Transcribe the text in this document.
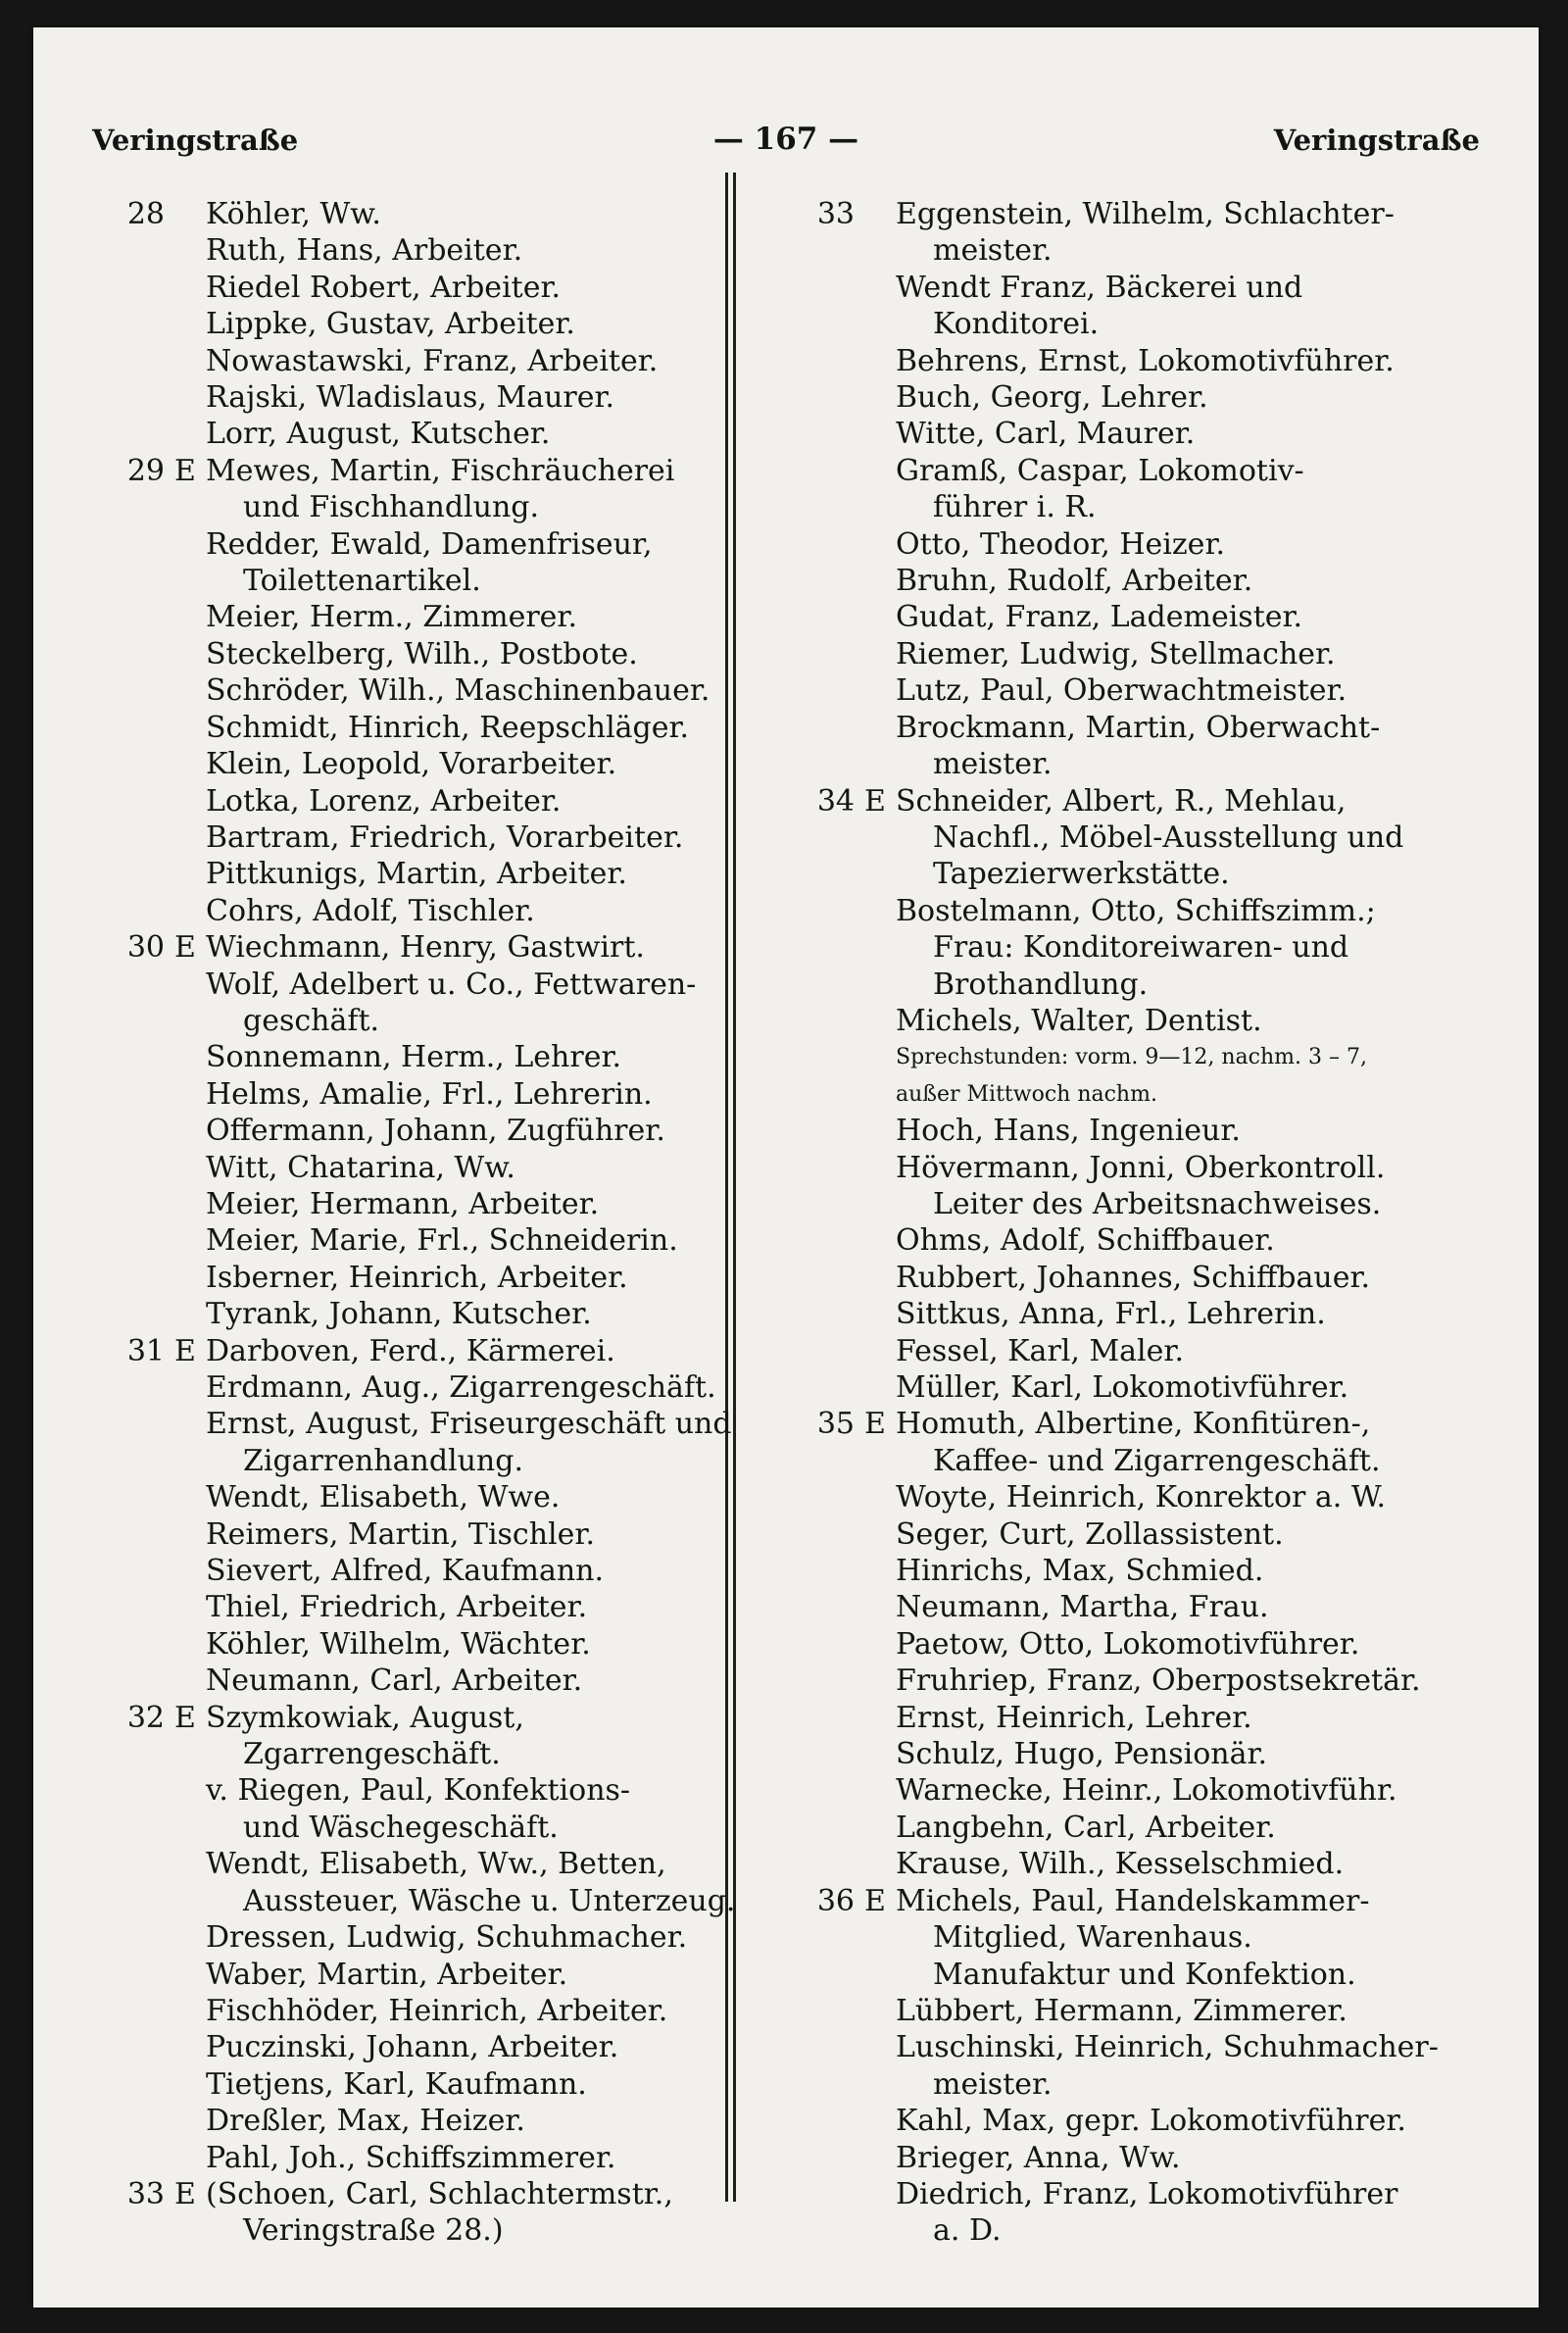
Veringstraße	— 167 —	Veringstraße
28 Köhler, Ww.
Ruth, Hans, Arbeiter.
Riedel Robert, Arbeiter.
Lippke, Gustav, Arbeiter.
Nowastawski, Franz, Arbeiter.
Rajski, Wladislaus, Maurer.
Lorr, August, Kutscher.
29 E Mewes, Martin, Fischräucherei
und Fischhandlung.
Redder, Ewald, Damenfriseur,
Toilettenartikel.
Meier, Herm., Zimmerer.
Steckelberg, Wilh., Postbote.
Schröder, Wilh., Maschinenbauer.
Schmidt, Hinrich, Reepschläger.
Klein, Leopold, Vorarbeiter.
Lotka, Lorenz, Arbeiter.
Bartram, Friedrich, Vorarbeiter.
Pittkunigs, Martin, Arbeiter.
Cohrs, Adolf, Tischler.
30 E Wiechmann, Henry, Gastwirt.
Wolf, Adelbert u. Co., Fettwaren-
geschäft.
Sonnemann, Herm., Lehrer.
Helms, Amalie, Frl., Lehrerin.
Offermann, Johann, Zugführer.
Witt, Chatarina, Ww.
Meier, Hermann, Arbeiter.
Meier, Marie, Frl., Schneiderin.
Isberner, Heinrich, Arbeiter.
Tyrank, Johann, Kutscher.
31 E Darboven, Ferd., Kärmerei.
Erdmann, Aug., Zigarrengeschäft.
Ernst, August, Friseurgeschäft und
Zigarrenhandlung.
Wendt, Elisabeth, Wwe.
Reimers, Martin, Tischler.
Sievert, Alfred, Kaufmann.
Thiel, Friedrich, Arbeiter.
Köhler, Wilhelm, Wächter.
Neumann, Carl, Arbeiter.
32 E Szymkowiak, August,
Zgarrengeschäft.
v. Riegen, Paul, Konfektions-
und Wäschegeschäft.
Wendt, Elisabeth, Ww., Betten,
Aussteuer, Wäsche u. Unterzeug.
Dressen, Ludwig, Schuhmacher.
Waber, Martin, Arbeiter.
Fischhöder, Heinrich, Arbeiter.
Puczinski, Johann, Arbeiter.
Tietjens, Karl, Kaufmann.
Dreßler, Max, Heizer.
Pahl, Joh., Schiffszimmerer.
33 E (Schoen, Carl, Schlachtermstr.,
Veringstraße 28.)
33 Eggenstein, Wilhelm, Schlachter-
meister.
Wendt Franz, Bäckerei und
Konditorei.
Behrens, Ernst, Lokomotivführer.
Buch, Georg, Lehrer.
Witte, Carl, Maurer.
Gramß, Caspar, Lokomotiv-
führer i. R.
Otto, Theodor, Heizer.
Bruhn, Rudolf, Arbeiter.
Gudat, Franz, Lademeister.
Riemer, Ludwig, Stellmacher.
Lutz, Paul, Oberwachtmeister.
Brockmann, Martin, Oberwacht-
meister.
34 E Schneider, Albert, R., Mehlau,
Nachfl., Möbel-Ausstellung und
Tapezierwerkstätte.
Bostelmann, Otto, Schiffszimm.;
Frau: Konditoreiwaren- und
Brothandlung.
Michels, Walter, Dentist.
Sprechstunden: vorm. 9—12, nachm. 3 – 7,
außer Mittwoch nachm.
Hoch, Hans, Ingenieur.
Hövermann, Jonni, Oberkontroll.
Leiter des Arbeitsnachweises.
Ohms, Adolf, Schiffbauer.
Rubbert, Johannes, Schiffbauer.
Sittkus, Anna, Frl., Lehrerin.
Fessel, Karl, Maler.
Müller, Karl, Lokomotivführer.
35 E Homuth, Albertine, Konfitüren-,
Kaffee- und Zigarrengeschäft.
Woyte, Heinrich, Konrektor a. W.
Seger, Curt, Zollassistent.
Hinrichs, Max, Schmied.
Neumann, Martha, Frau.
Paetow, Otto, Lokomotivführer.
Fruhriep, Franz, Oberpostsekretär.
Ernst, Heinrich, Lehrer.
Schulz, Hugo, Pensionär.
Warnecke, Heinr., Lokomotivführ.
Langbehn, Carl, Arbeiter.
Krause, Wilh., Kesselschmied.
36 E Michels, Paul, Handelskammer-
Mitglied, Warenhaus.
Manufaktur und Konfektion.
Lübbert, Hermann, Zimmerer.
Luschinski, Heinrich, Schuhmacher-
meister.
Kahl, Max, gepr. Lokomotivführer.
Brieger, Anna, Ww.
Diedrich, Franz, Lokomotivführer
a. D.
